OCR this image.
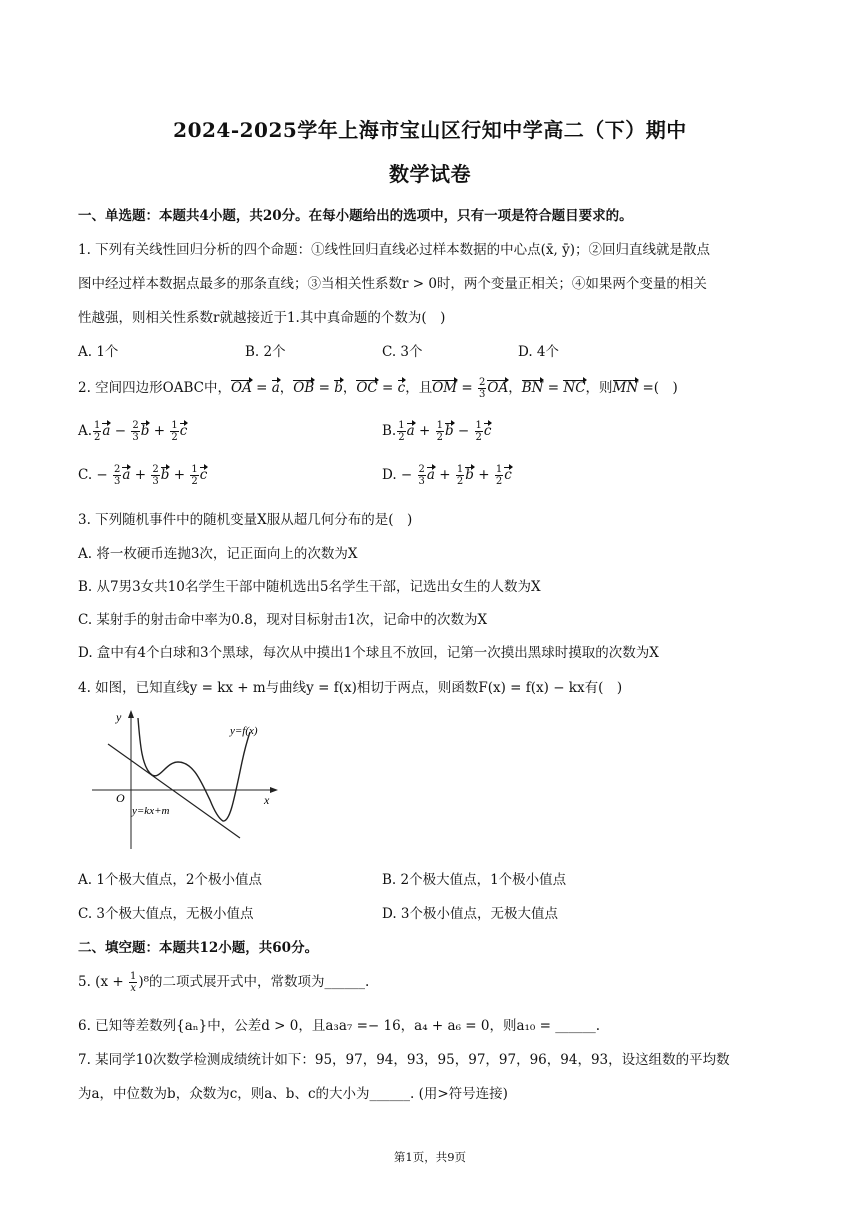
2024-2025学年上海市宝山区行知中学高二（下）期中
数学试卷
一、单选题：本题共4小题，共20分。在每小题给出的选项中，只有一项是符合题目要求的。
1. 下列有关线性回归分析的四个命题：①线性回归直线必过样本数据的中心点(x̄, ȳ)；②回归直线就是散点
图中经过样本数据点最多的那条直线；③当相关性系数r > 0时，两个变量正相关；④如果两个变量的相关
性越强，则相关性系数r就越接近于1.其中真命题的个数为(　)
A. 1个	B. 2个	C. 3个	D. 4个
2. 空间四边形OABC中，OA = a，OB = b，OC = c，且OM = $\frac{2}{3}$ OA，BN = NC，则MN =(　)
A. $\frac{1}{2}$ $a - \frac{2}{3}$ $b + \frac{1}{2}$ c	B. $\frac{1}{2}$ $a + \frac{1}{2}$ $b - \frac{1}{2}$ c
C. − $\frac{2}{3}$ $a + \frac{2}{3}$ $b + \frac{1}{2}$ c	D. − $\frac{2}{3}$ $a + \frac{1}{2}$ $b + \frac{1}{2}$ c
3. 下列随机事件中的随机变量X服从超几何分布的是(　)
A. 将一枚硬币连抛3次，记正面向上的次数为X
B. 从7男3女共10名学生干部中随机选出5名学生干部，记选出女生的人数为X
C. 某射手的射击命中率为0.8，现对目标射击1次，记命中的次数为X
D. 盒中有4个白球和3个黑球，每次从中摸出1个球且不放回，记第一次摸出黑球时摸取的次数为X
4. 如图，已知直线y = kx + m与曲线y = f(x)相切于两点，则函数F(x) = f(x) − kx有(　)
y
x
O
y=f(x)
y=kx+m
A. 1个极大值点，2个极小值点	B. 2个极大值点，1个极小值点
C. 3个极大值点，无极小值点	D. 3个极小值点，无极大值点
二、填空题：本题共12小题，共60分。
5. $(x + \frac{1}{x} )^8$的二项式展开式中，常数项为______.
6. 已知等差数列{aₙ}中，公差d > 0，且a₃a₇ =− 16，a₄ + a₆ = 0，则a₁₀ = ______.
7. 某同学10次数学检测成绩统计如下：95，97，94，93，95，97，97，96，94，93，设这组数的平均数
为a，中位数为b，众数为c，则a、b、c的大小为______. (用>符号连接)
第1页，共9页
